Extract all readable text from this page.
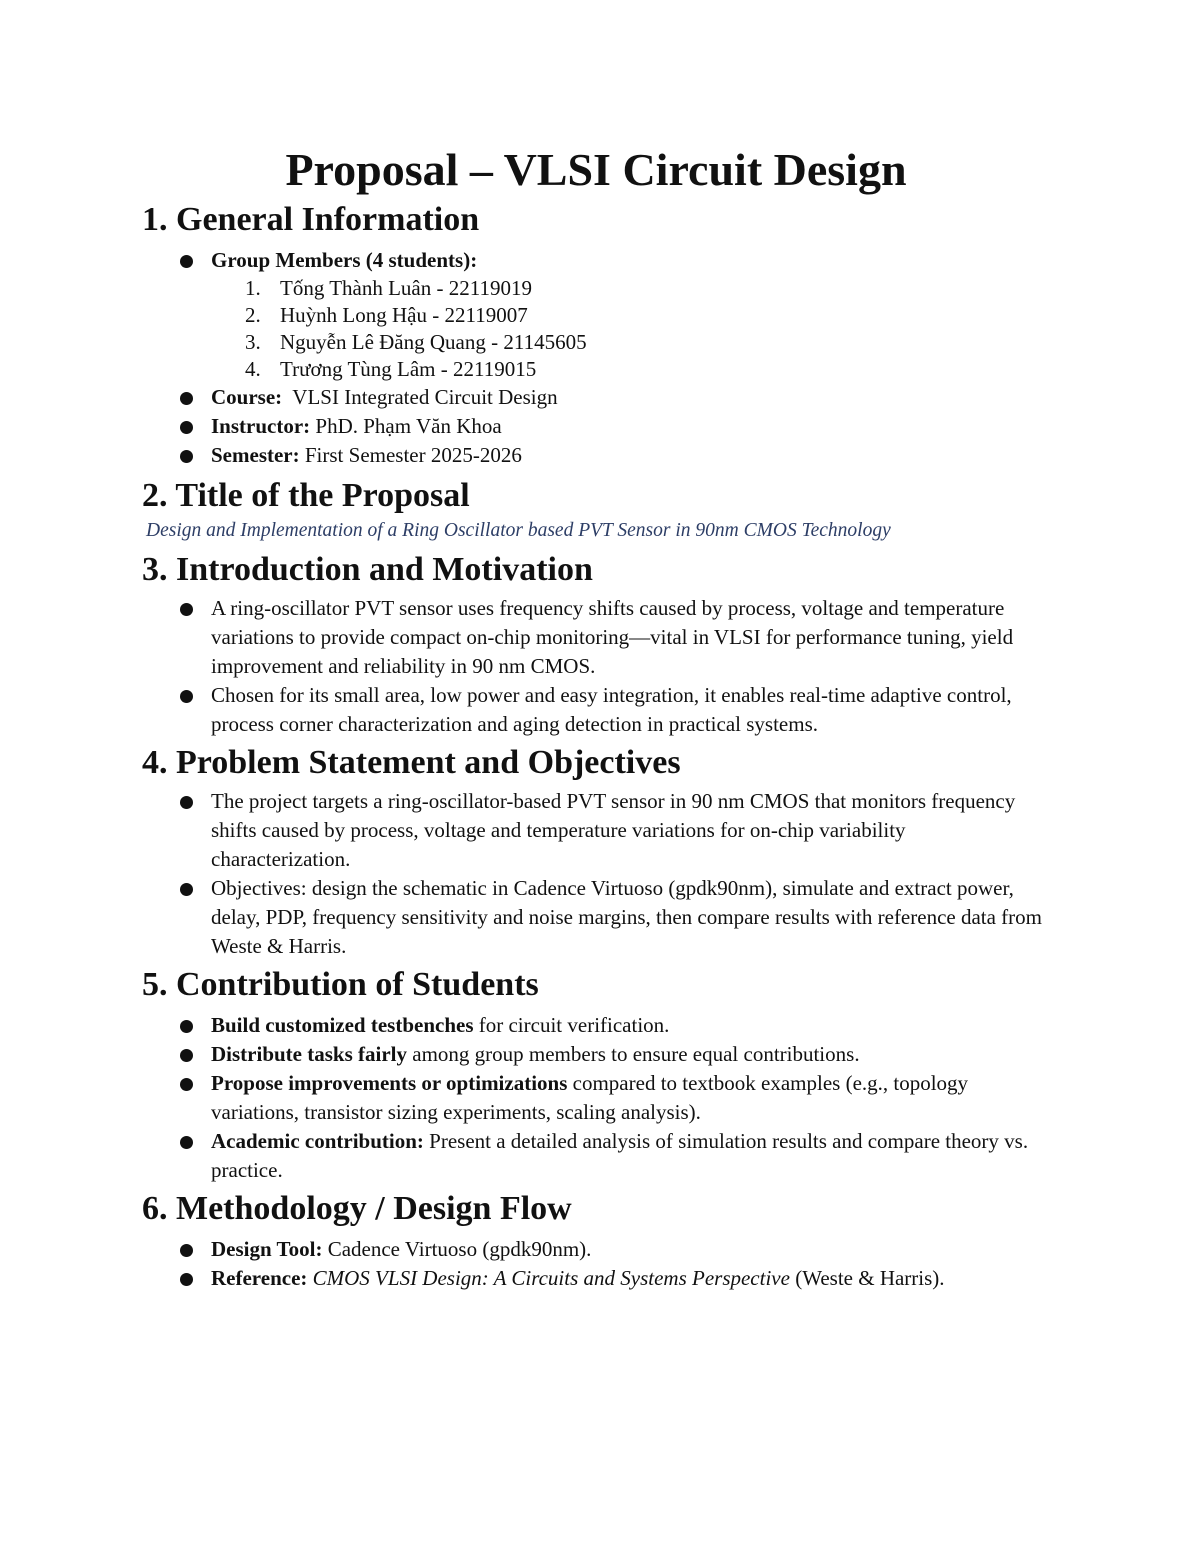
Proposal – VLSI Circuit Design
1. General Information
Group Members (4 students):
1. Tống Thành Luân - 22119019
2. Huỳnh Long Hậu - 22119007
3. Nguyễn Lê Đăng Quang - 21145605
4. Trương Tùng Lâm - 22119015
Course: VLSI Integrated Circuit Design
Instructor: PhD. Phạm Văn Khoa
Semester: First Semester 2025-2026
2. Title of the Proposal

Design and Implementation of a Ring Oscillator based PVT Sensor in 90nm CMOS Technology

3. Introduction and Motivation
A ring-oscillator PVT sensor uses frequency shifts caused by process, voltage and temperature variations to provide compact on-chip monitoring—vital in VLSI for performance tuning, yield improvement and reliability in 90 nm CMOS.
Chosen for its small area, low power and easy integration, it enables real-time adaptive control, process corner characterization and aging detection in practical systems.
4. Problem Statement and Objectives
The project targets a ring-oscillator-based PVT sensor in 90 nm CMOS that monitors frequency shifts caused by process, voltage and temperature variations for on-chip variability characterization.
Objectives: design the schematic in Cadence Virtuoso (gpdk90nm), simulate and extract power, delay, PDP, frequency sensitivity and noise margins, then compare results with reference data from Weste & Harris.
5. Contribution of Students
Build customized testbenches for circuit verification.
Distribute tasks fairly among group members to ensure equal contributions.
Propose improvements or optimizations compared to textbook examples (e.g., topology variations, transistor sizing experiments, scaling analysis).
Academic contribution: Present a detailed analysis of simulation results and compare theory vs. practice.
6. Methodology / Design Flow
Design Tool: Cadence Virtuoso (gpdk90nm).
Reference: CMOS VLSI Design: A Circuits and Systems Perspective (Weste & Harris).
